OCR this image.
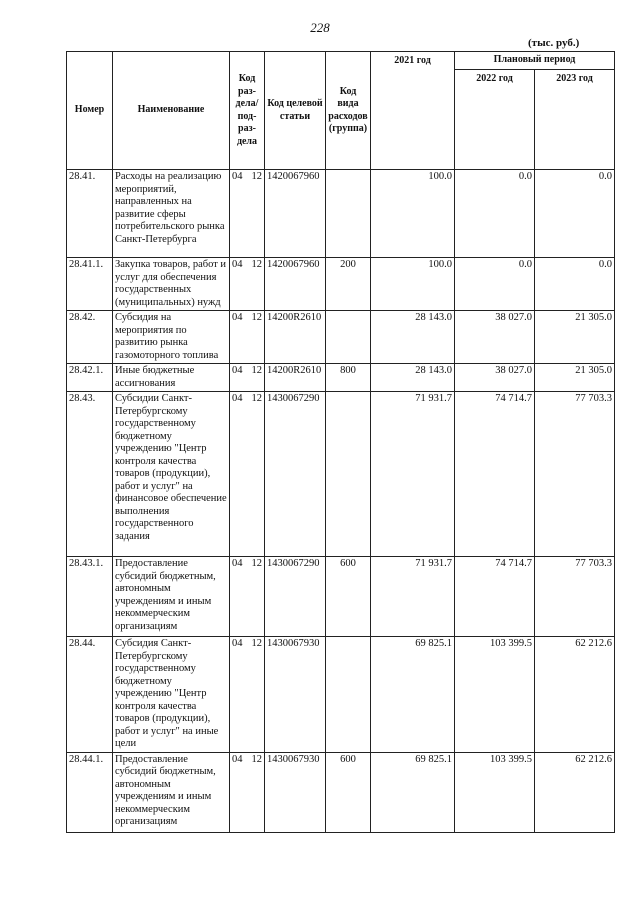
228
(тыс. руб.)
Номер	Наименование	Код раз-дела/ под-раз-дела	Код целевой статьи	Код вида расходов (группа)	2021 год	Плановый период	
						2022 год	2023 год
28.41.	Расходы на реализацию мероприятий, направленных на развитие сферы потребительского рынка Санкт-Петербурга	04 12	1420067960		100.0	0.0	0.0
28.41.1.	Закупка товаров, работ и услуг для обеспечения государственных (муниципальных) нужд	04 12	1420067960	200	100.0	0.0	0.0
28.42.	Субсидия на мероприятия по развитию рынка газомоторного топлива	04 12	14200R2610		28 143.0	38 027.0	21 305.0
28.42.1.	Иные бюджетные ассигнования	04 12	14200R2610	800	28 143.0	38 027.0	21 305.0
28.43.	Субсидии Санкт-Петербургскому государственному бюджетному учреждению "Центр контроля качества товаров (продукции), работ и услуг" на финансовое обеспечение выполнения государственного задания	04 12	1430067290		71 931.7	74 714.7	77 703.3
28.43.1.	Предоставление субсидий бюджетным, автономным учреждениям и иным некоммерческим организациям	04 12	1430067290	600	71 931.7	74 714.7	77 703.3
28.44.	Субсидия Санкт-Петербургскому государственному бюджетному учреждению "Центр контроля качества товаров (продукции), работ и услуг" на иные цели	04 12	1430067930		69 825.1	103 399.5	62 212.6
28.44.1.	Предоставление субсидий бюджетным, автономным учреждениям и иным некоммерческим организациям	04 12	1430067930	600	69 825.1	103 399.5	62 212.6
